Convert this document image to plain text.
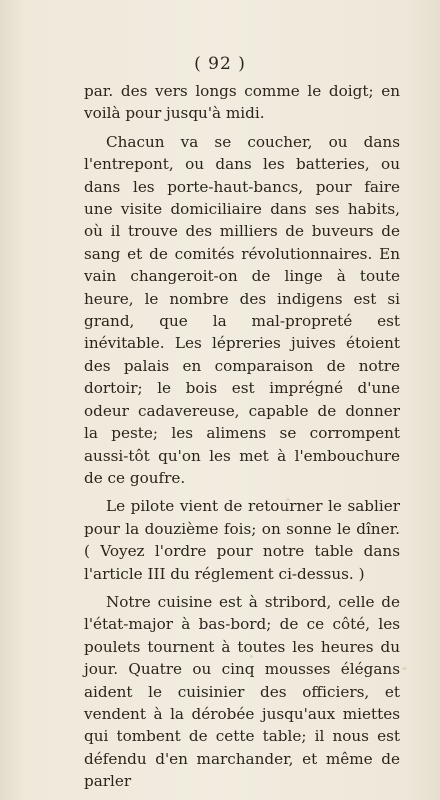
( 92 )

par. des vers longs comme le doigt; en voilà pour jusqu'à midi.

Chacun va se coucher, ou dans l'entrepont, ou dans les batteries, ou dans les porte-haut-bancs, pour faire une visite domiciliaire dans ses habits, où il trouve des milliers de buveurs de sang et de comités révolutionnaires. En vain changeroit-on de linge à toute heure, le nombre des indigens est si grand, que la mal-propreté est inévitable. Les lépreries juives étoient des palais en comparaison de notre dortoir; le bois est imprégné d'une odeur cadavereuse, capable de donner la peste; les alimens se corrompent aussi-tôt qu'on les met à l'embouchure de ce goufre.

Le pilote vient de retourner le sablier pour la douzième fois; on sonne le dîner. ( Voyez l'ordre pour notre table dans l'article III du réglement ci-dessus. )

Notre cuisine est à stribord, celle de l'état-major à bas-bord; de ce côté, les poulets tournent à toutes les heures du jour. Quatre ou cinq mousses élégans aident le cuisinier des officiers, et vendent à la dérobée jusqu'aux miettes qui tombent de cette table; il nous est défendu d'en marchander, et même de parler
